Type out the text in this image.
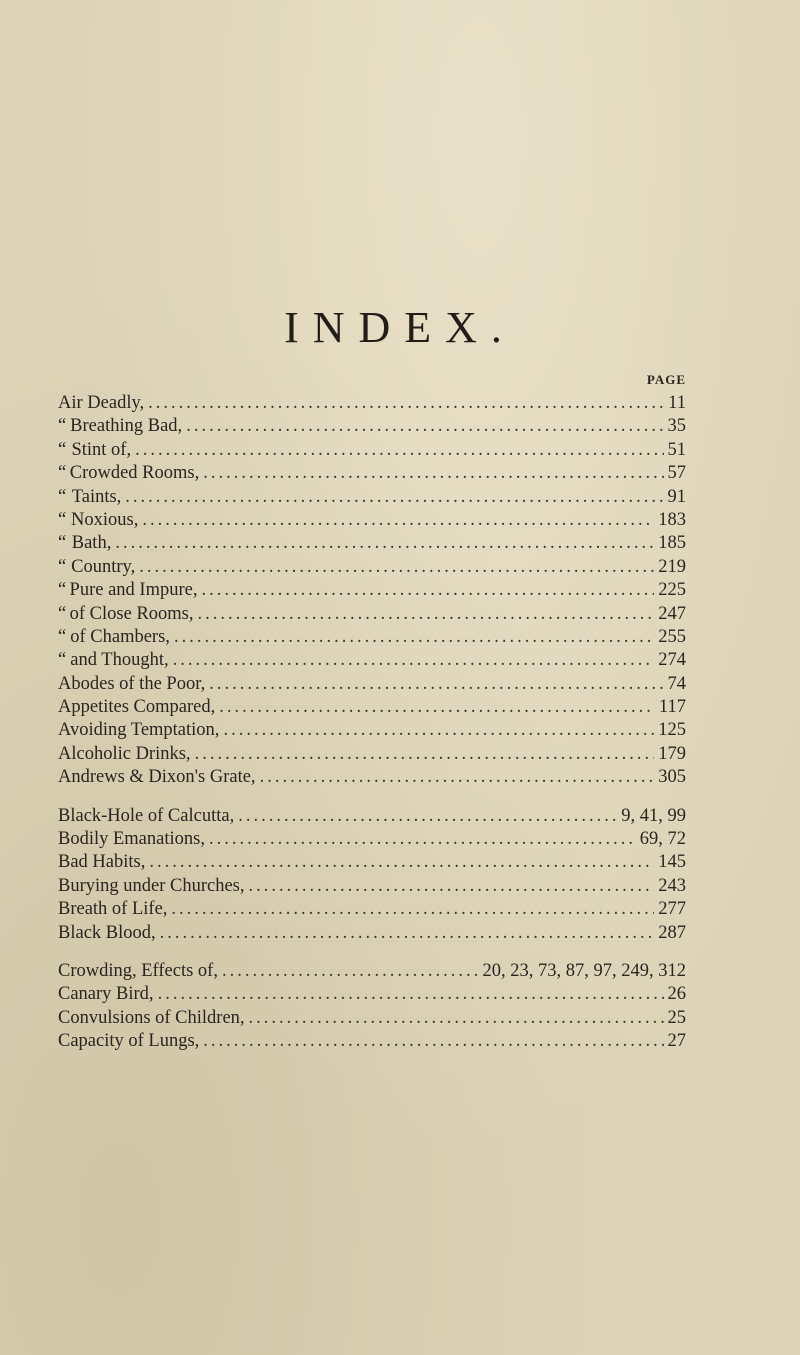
INDEX.
PAGE
Air Deadly, .....	11
“ Breathing Bad, .....	35
“ Stint of, .....	51
“ Crowded Rooms, .....	57
“ Taints, .....	91
“ Noxious, .....	183
“ Bath, .....	185
“ Country, .....	219
“ Pure and Impure, .....	225
“ of Close Rooms, .....	247
“ of Chambers, .....	255
“ and Thought, .....	274
Abodes of the Poor, .....	74
Appetites Compared, .....	117
Avoiding Temptation, .....	125
Alcoholic Drinks, .....	179
Andrews & Dixon's Grate, .....	305
Black-Hole of Calcutta, .....	9, 41, 99
Bodily Emanations, .....	69, 72
Bad Habits, .....	145
Burying under Churches, .....	243
Breath of Life, .....	277
Black Blood, .....	287
Crowding, Effects of, .....	20, 23, 73, 87, 97, 249, 312
Canary Bird, .....	26
Convulsions of Children, .....	25
Capacity of Lungs, .....	27
